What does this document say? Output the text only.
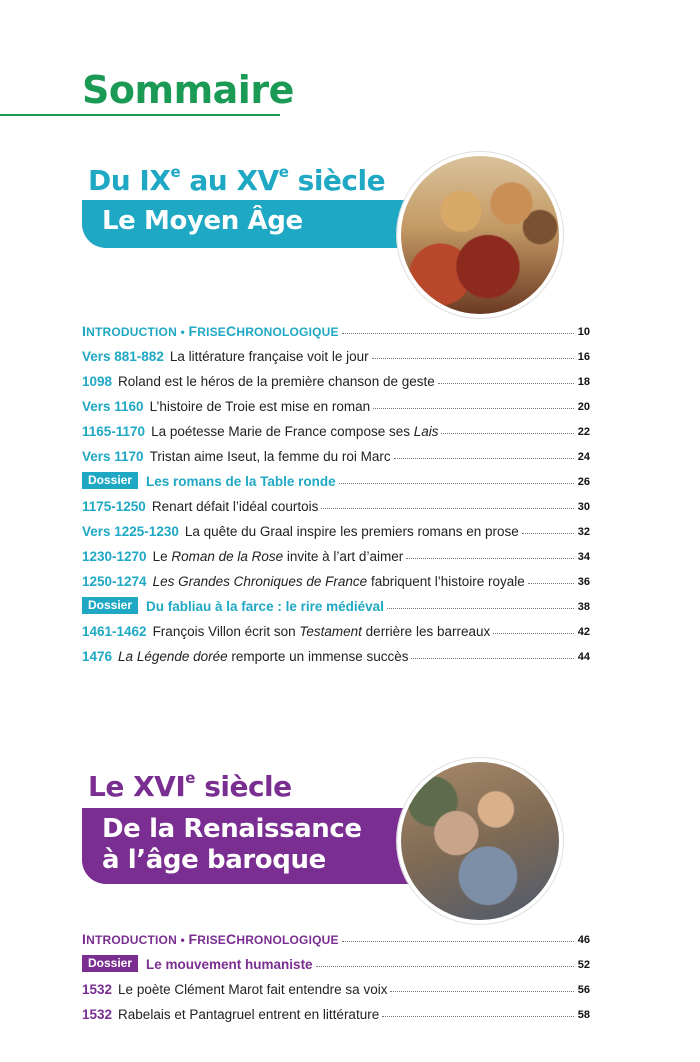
Sommaire
Du IXe au XVe siècle
Le Moyen Âge
INTRODUCTION • FRISECHRONOLOGIQUE	10
Vers 881-882 La littérature française voit le jour	16
1098 Roland est le héros de la première chanson de geste	18
Vers 1160 L’histoire de Troie est mise en roman	20
1165-1170 La poétesse Marie de France compose ses Lais	22
Vers 1170 Tristan aime Iseut, la femme du roi Marc	24
Dossier	Les romans de la Table ronde	26
1175-1250 Renart défait l’idéal courtois	30
Vers 1225-1230 La quête du Graal inspire les premiers romans en prose	32
1230-1270 Le Roman de la Rose invite à l’art d’aimer	34
1250-1274 Les Grandes Chroniques de France fabriquent l’histoire royale	36
Dossier	Du fabliau à la farce : le rire médiéval	38
1461-1462 François Villon écrit son Testament derrière les barreaux	42
1476 La Légende dorée remporte un immense succès	44
Le XVIe siècle
De la Renaissance
à l’âge baroque
INTRODUCTION • FRISECHRONOLOGIQUE	46
Dossier	Le mouvement humaniste	52
1532 Le poète Clément Marot fait entendre sa voix	56
1532 Rabelais et Pantagruel entrent en littérature	58
